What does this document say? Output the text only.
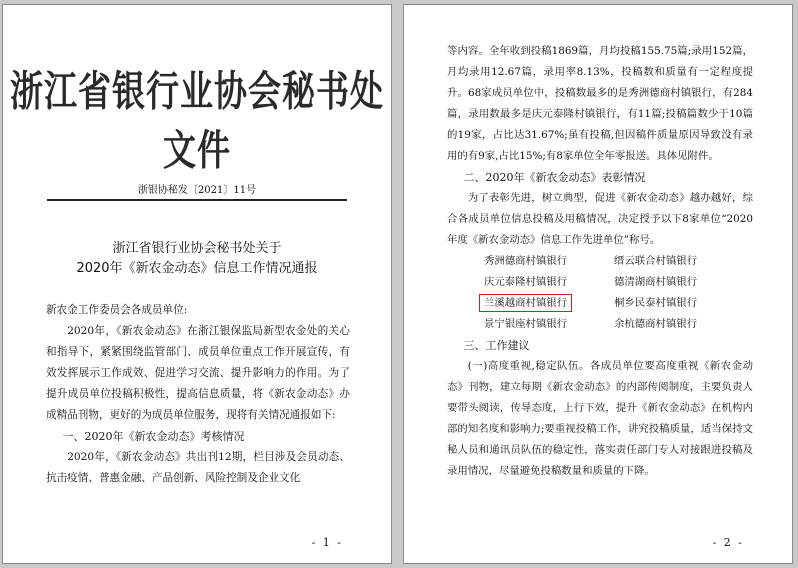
浙江省银行业协会秘书处文件
浙银协秘发〔2021〕11号
浙江省银行业协会秘书处关于
2020年《新农金动态》信息工作情况通报

新农金工作委员会各成员单位:

2020年，《新农金动态》在浙江银保监局新型农金处的关心和指导下，紧紧围绕监管部门、成员单位重点工作开展宣传，有效发挥展示工作成效、促进学习交流、提升影响力的作用。为了提升成员单位投稿积极性，提高信息质量，将《新农金动态》办成精品刊物，更好的为成员单位服务，现将有关情况通报如下:

一、2020年《新农金动态》考核情况

2020年，《新农金动态》共出刊12期，栏目涉及会员动态、抗击疫情、普惠金融、产品创新、风险控制及企业文化

- 1 -

等内容。全年收到投稿1869篇，月均投稿155.75篇;录用152篇，月均录用12.67篇，录用率8.13%，投稿数和质量有一定程度提升。68家成员单位中，投稿数最多的是秀洲德商村镇银行，有284篇，录用数最多是庆元泰隆村镇银行，有11篇;投稿篇数少于10篇的19家，占比达31.67%;虽有投稿,但因稿件质量原因导致没有录用的有9家,占比15%;有8家单位全年零报送。具体见附件。

二、2020年《新农金动态》表彰情况

为了表彰先进，树立典型，促进《新农金动态》越办越好，综合各成员单位信息投稿及用稿情况，决定授予以下8家单位“2020年度《新农金动态》信息工作先进单位”称号。

秀洲德商村镇银行	缙云联合村镇银行
庆元泰隆村镇银行	德清湖商村镇银行
兰溪越商村镇银行	桐乡民泰村镇银行
景宁银座村镇银行	余杭德商村镇银行

三、工作建议

(一)高度重视,稳定队伍。各成员单位要高度重视《新农金动态》刊物，建立每期《新农金动态》的内部传阅制度，主要负责人要带头阅读，传导态度，上行下效，提升《新农金动态》在机构内部的知名度和影响力;要重视投稿工作，讲究投稿质量，适当保持文秘人员和通讯员队伍的稳定性，落实责任部门专人对接跟进投稿及录用情况，尽量避免投稿数量和质量的下降。

- 2 -
